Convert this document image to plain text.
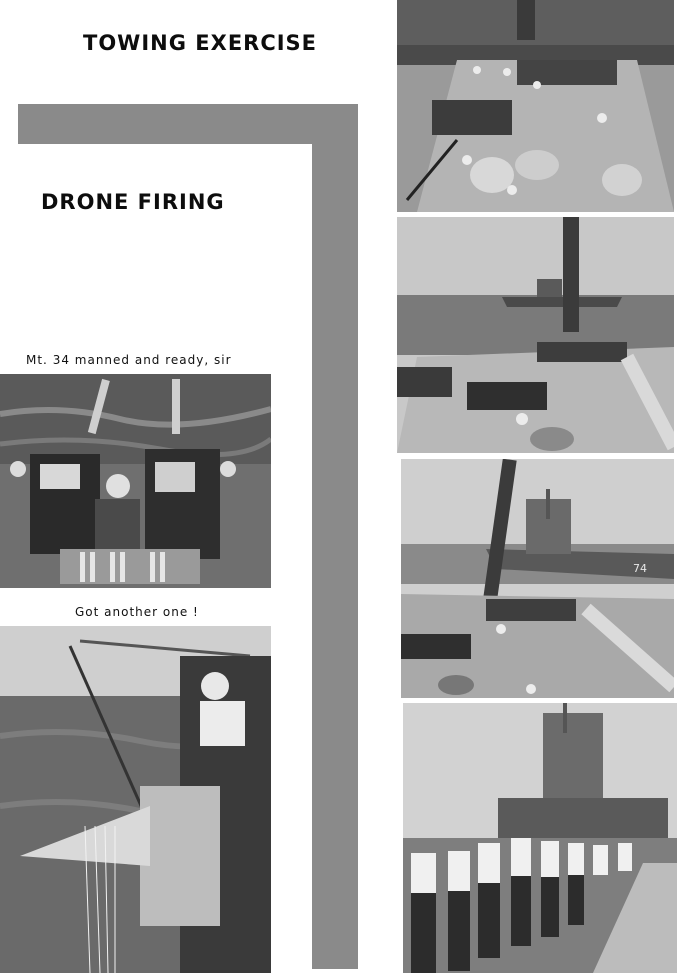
TOWING EXERCISE
DRONE FIRING

Mt. 34 manned and ready, sir

Got another one !

74
